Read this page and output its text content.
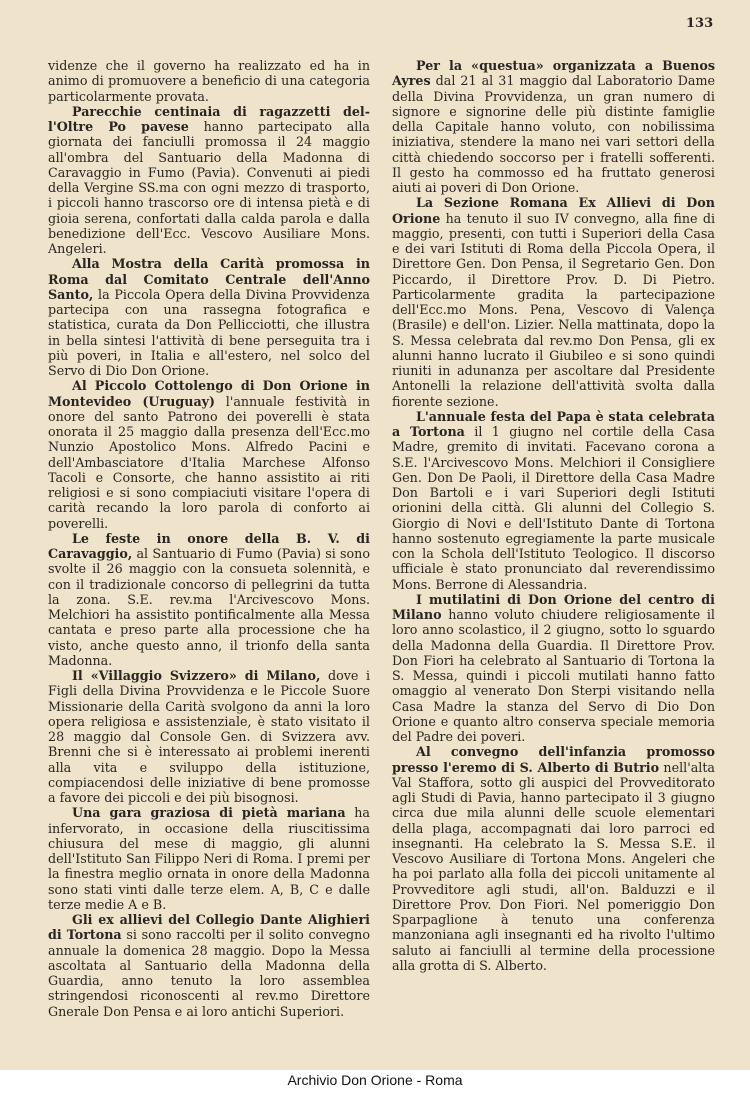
133

videnze che il governo ha realizzato ed ha in animo di promuovere a beneficio di una categoria particolarmente provata.

Parecchie centinaia di ragazzetti del- l'Oltre Po pavese hanno partecipato alla giornata dei fanciulli promossa il 24 maggio all'ombra del Santuario della Madonna di Caravaggio in Fumo (Pavia). Convenuti ai piedi della Vergine SS.ma con ogni mezzo di trasporto, i piccoli hanno trascorso ore di intensa pietà e di gioia serena, confortati dalla calda parola e dalla benedizione dell'Ecc. Vescovo Ausiliare Mons. Angeleri.

Alla Mostra della Carità promossa in Roma dal Comitato Centrale dell'Anno Santo, la Piccola Opera della Divina Provvidenza partecipa con una rassegna fotografica e statistica, curata da Don Pellicciotti, che illustra in bella sintesi l'attività di bene perseguita tra i più poveri, in Italia e all'estero, nel solco del Servo di Dio Don Orione.

Al Piccolo Cottolengo di Don Orione in Montevideo (Uruguay) l'annuale festività in onore del santo Patrono dei poverelli è stata onorata il 25 maggio dalla presenza dell'Ecc.mo Nunzio Apostolico Mons. Alfredo Pacini e dell'Ambasciatore d'Italia Marchese Alfonso Tacoli e Consorte, che hanno assistito ai riti religiosi e si sono compiaciuti visitare l'opera di carità recando la loro parola di conforto ai poverelli.

Le feste in onore della B. V. di Caravaggio, al Santuario di Fumo (Pavia) si sono svolte il 26 maggio con la consueta solennità, e con il tradizionale concorso di pellegrini da tutta la zona. S.E. rev.ma l'Arcivescovo Mons. Melchiori ha assistito pontificalmente alla Messa cantata e preso parte alla processione che ha visto, anche questo anno, il trionfo della santa Madonna.

Il «Villaggio Svizzero» di Milano, dove i Figli della Divina Provvidenza e le Piccole Suore Missionarie della Carità svolgono da anni la loro opera religiosa e assistenziale, è stato visitato il 28 maggio dal Console Gen. di Svizzera avv. Brenni che si è interessato ai problemi inerenti alla vita e sviluppo della istituzione, compiacendosi delle iniziative di bene promosse a favore dei piccoli e dei più bisognosi.

Una gara graziosa di pietà mariana ha infervorato, in occasione della riuscitissima chiusura del mese di maggio, gli alunni dell'Istituto San Filippo Neri di Roma. I premi per la finestra meglio ornata in onore della Madonna sono stati vinti dalle terze elem. A, B, C e dalle terze medie A e B.

Gli ex allievi del Collegio Dante Alighieri di Tortona si sono raccolti per il solito convegno annuale la domenica 28 maggio. Dopo la Messa ascoltata al Santuario della Madonna della Guardia, anno tenuto la loro assemblea stringendosi riconoscenti al rev.mo Direttore Gnerale Don Pensa e ai loro antichi Superiori.

Per la «questua» organizzata a Buenos Ayres dal 21 al 31 maggio dal Laboratorio Dame della Divina Provvidenza, un gran numero di signore e signorine delle più distinte famiglie della Capitale hanno voluto, con nobilissima iniziativa, stendere la mano nei vari settori della città chiedendo soccorso per i fratelli sofferenti. Il gesto ha commosso ed ha fruttato generosi aiuti ai poveri di Don Orione.

La Sezione Romana Ex Allievi di Don Orione ha tenuto il suo IV convegno, alla fine di maggio, presenti, con tutti i Superiori della Casa e dei vari Istituti di Roma della Piccola Opera, il Direttore Gen. Don Pensa, il Segretario Gen. Don Piccardo, il Direttore Prov. D. Di Pietro. Particolarmente gradita la partecipazione dell'Ecc.mo Mons. Pena, Vescovo di Valença (Brasile) e dell'on. Lizier. Nella mattinata, dopo la S. Messa celebrata dal rev.mo Don Pensa, gli ex alunni hanno lucrato il Giubileo e si sono quindi riuniti in adunanza per ascoltare dal Presidente Antonelli la relazione dell'attività svolta dalla fiorente sezione.

L'annuale festa del Papa è stata celebrata a Tortona il 1 giugno nel cortile della Casa Madre, gremito di invitati. Facevano corona a S.E. l'Arcivescovo Mons. Melchiori il Consigliere Gen. Don De Paoli, il Direttore della Casa Madre Don Bartoli e i vari Superiori degli Istituti orionini della città. Gli alunni del Collegio S. Giorgio di Novi e dell'Istituto Dante di Tortona hanno sostenuto egregiamente la parte musicale con la Schola dell'Istituto Teologico. Il discorso ufficiale è stato pronunciato dal reverendissimo Mons. Berrone di Alessandria.

I mutilatini di Don Orione del centro di Milano hanno voluto chiudere religiosamente il loro anno scolastico, il 2 giugno, sotto lo sguardo della Madonna della Guardia. Il Direttore Prov. Don Fiori ha celebrato al Santuario di Tortona la S. Messa, quindi i piccoli mutilati hanno fatto omaggio al venerato Don Sterpi visitando nella Casa Madre la stanza del Servo di Dio Don Orione e quanto altro conserva speciale memoria del Padre dei poveri.

Al convegno dell'infanzia promosso presso l'eremo di S. Alberto di Butrio nell'alta Val Staffora, sotto gli auspici del Provveditorato agli Studi di Pavia, hanno partecipato il 3 giugno circa due mila alunni delle scuole elementari della plaga, accompagnati dai loro parroci ed insegnanti. Ha celebrato la S. Messa S.E. il Vescovo Ausiliare di Tortona Mons. Angeleri che ha poi parlato alla folla dei piccoli unitamente al Provveditore agli studi, all'on. Balduzzi e il Direttore Prov. Don Fiori. Nel pomeriggio Don Sparpaglione à tenuto una conferenza manzoniana agli insegnanti ed ha rivolto l'ultimo saluto ai fanciulli al termine della processione alla grotta di S. Alberto.

Archivio Don Orione - Roma
